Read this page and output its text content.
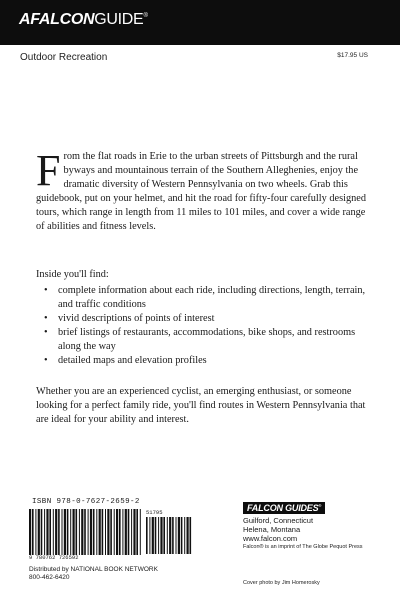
AFALCONGUIDE®
Outdoor Recreation	$17.95 US
From the flat roads in Erie to the urban streets of Pittsburgh and the rural byways and mountainous terrain of the Southern Alleghenies, enjoy the dramatic diversity of Western Pennsylvania on two wheels. Grab this guidebook, put on your helmet, and hit the road for fifty-four carefully designed tours, which range in length from 11 miles to 101 miles, and cover a wide range of abilities and fitness levels.
Inside you'll find:
• complete information about each ride, including directions, length, terrain, and traffic conditions
• vivid descriptions of points of interest
• brief listings of restaurants, accommodations, bike shops, and restrooms along the way
• detailed maps and elevation profiles
Whether you are an experienced cyclist, an emerging enthusiast, or someone looking for a perfect family ride, you'll find routes in Western Pennsylvania that are ideal for your ability and interest.
ISBN 978-0-7627-2659-2
9 780762 726592
51795
Distributed by NATIONAL BOOK NETWORK
800-462-6420
FALCON GUIDES®
Guilford, Connecticut
Helena, Montana
www.falcon.com
Falcon® is an imprint of The Globe Pequot Press
Cover photo by Jim Homerosky
